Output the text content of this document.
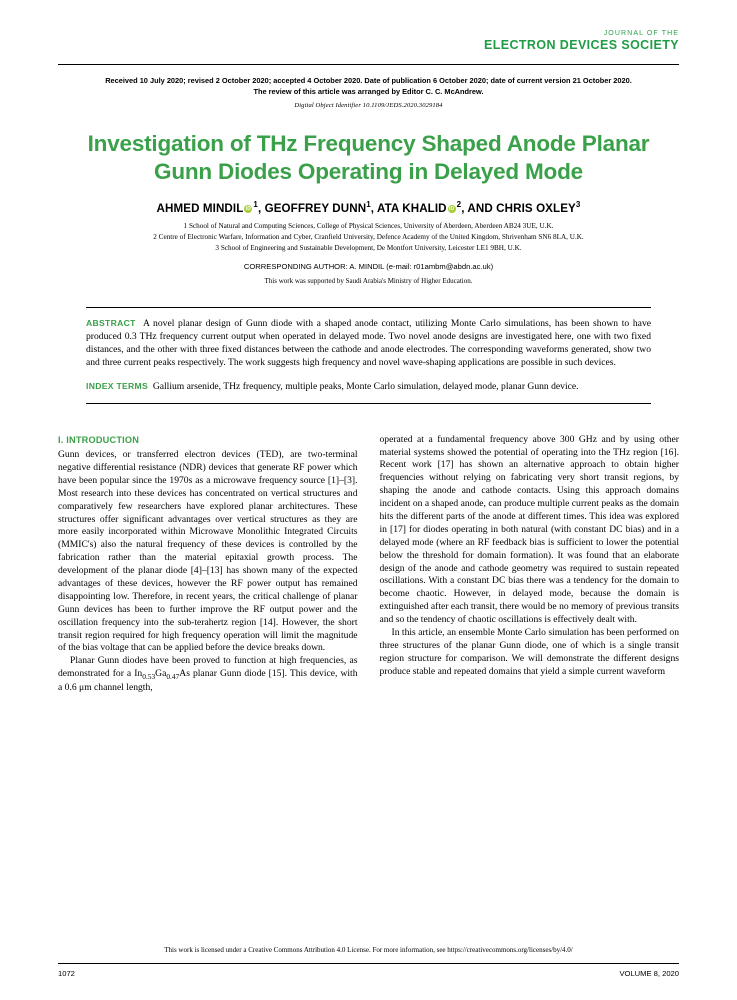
JOURNAL OF THE
ELECTRON DEVICES SOCIETY
Received 10 July 2020; revised 2 October 2020; accepted 4 October 2020. Date of publication 6 October 2020; date of current version 21 October 2020. The review of this article was arranged by Editor C. C. McAndrew.
Digital Object Identifier 10.1109/JEDS.2020.3029184
Investigation of THz Frequency Shaped Anode Planar Gunn Diodes Operating in Delayed Mode
AHMED MINDIL iD $^1$, GEOFFREY DUNN$^1$, ATA KHALID iD $^2$, AND CHRIS OXLEY$^3$
1 School of Natural and Computing Sciences, College of Physical Sciences, University of Aberdeen, Aberdeen AB24 3UE, U.K.
2 Centre of Electronic Warfare, Information and Cyber, Cranfield University, Defence Academy of the United Kingdom, Shrivenham SN6 8LA, U.K.
3 School of Engineering and Sustainable Development, De Montfort University, Leicester LE1 9BH, U.K.
CORRESPONDING AUTHOR: A. MINDIL (e-mail: r01ambm@abdn.ac.uk)
This work was supported by Saudi Arabia's Ministry of Higher Education.
ABSTRACT A novel planar design of Gunn diode with a shaped anode contact, utilizing Monte Carlo simulations, has been shown to have produced 0.3 THz frequency current output when operated in delayed mode. Two novel anode designs are investigated here, one with two fixed distances, and the other with three fixed distances between the cathode and anode electrodes. The corresponding waveforms generated, show two and three current peaks respectively. The work suggests high frequency and novel wave-shaping applications are possible in such devices.
INDEX TERMS Gallium arsenide, THz frequency, multiple peaks, Monte Carlo simulation, delayed mode, planar Gunn device.
I. INTRODUCTION

Gunn devices, or transferred electron devices (TED), are two-terminal negative differential resistance (NDR) devices that generate RF power which have been popular since the 1970s as a microwave frequency source [1]–[3]. Most research into these devices has concentrated on vertical structures and comparatively few researchers have explored planar architectures. These structures offer significant advantages over vertical structures as they are more easily incorporated within Microwave Monolithic Integrated Circuits (MMIC's) also the natural frequency of these devices is controlled by the fabrication rather than the material epitaxial growth process. The development of the planar diode [4]–[13] has shown many of the expected advantages of these devices, however the RF power output has remained disappointing low. Therefore, in recent years, the critical challenge of planar Gunn devices has been to further improve the RF output power and the oscillation frequency into the sub-terahertz region [14]. However, the short transit region required for high frequency operation will limit the magnitude of the bias voltage that can be applied before the device breaks down.

Planar Gunn diodes have been proved to function at high frequencies, as demonstrated for a $In_{0.53}Ga_{0.47}As$ planar Gunn diode [15]. This device, with a 0.6 μm channel length,

operated at a fundamental frequency above 300 GHz and by using other material systems showed the potential of operating into the THz region [16]. Recent work [17] has shown an alternative approach to obtain higher frequencies without relying on fabricating very short transit regions, by shaping the anode and cathode contacts. Using this approach domains incident on a shaped anode, can produce multiple current peaks as the domain hits the different parts of the anode at different times. This idea was explored in [17] for diodes operating in both natural (with constant DC bias) and in a delayed mode (where an RF feedback bias is sufficient to lower the potential below the threshold for domain formation). It was found that an elaborate design of the anode and cathode geometry was required to sustain repeated oscillations. With a constant DC bias there was a tendency for the domain to become chaotic. However, in delayed mode, because the domain is extinguished after each transit, there would be no memory of previous transits and so the tendency of chaotic oscillations is effectively dealt with.

In this article, an ensemble Monte Carlo simulation has been performed on three structures of the planar Gunn diode, one of which is a single transit region structure for comparison. We will demonstrate the different designs produce stable and repeated domains that yield a simple current waveform

This work is licensed under a Creative Commons Attribution 4.0 License. For more information, see https://creativecommons.org/licenses/by/4.0/
1072	VOLUME 8, 2020
